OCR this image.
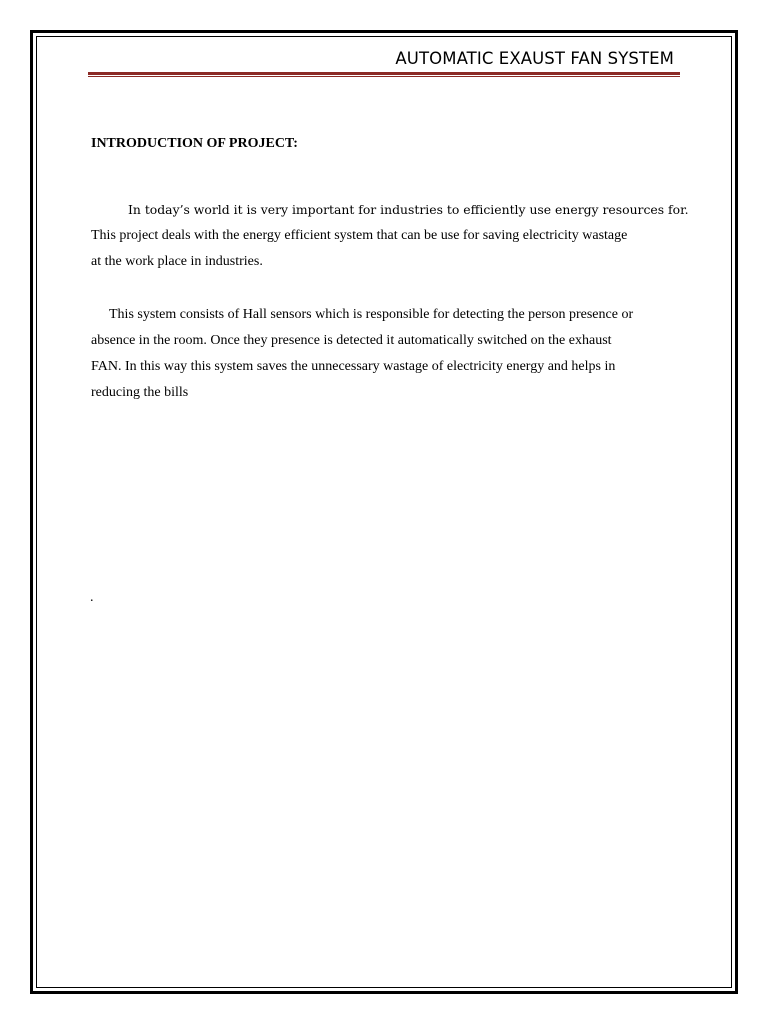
AUTOMATIC EXAUST FAN SYSTEM
INTRODUCTION OF PROJECT:
In today’s world it is very important for industries to efficiently use energy resources for.
This project deals with the energy efficient system that can be use for saving electricity wastage
at the work place in industries.
This system consists of Hall sensors which is responsible for detecting the person presence or
absence in the room. Once they presence is detected it automatically switched on the exhaust
FAN. In this way this system saves the unnecessary wastage of electricity energy and helps in
reducing the bills
.
